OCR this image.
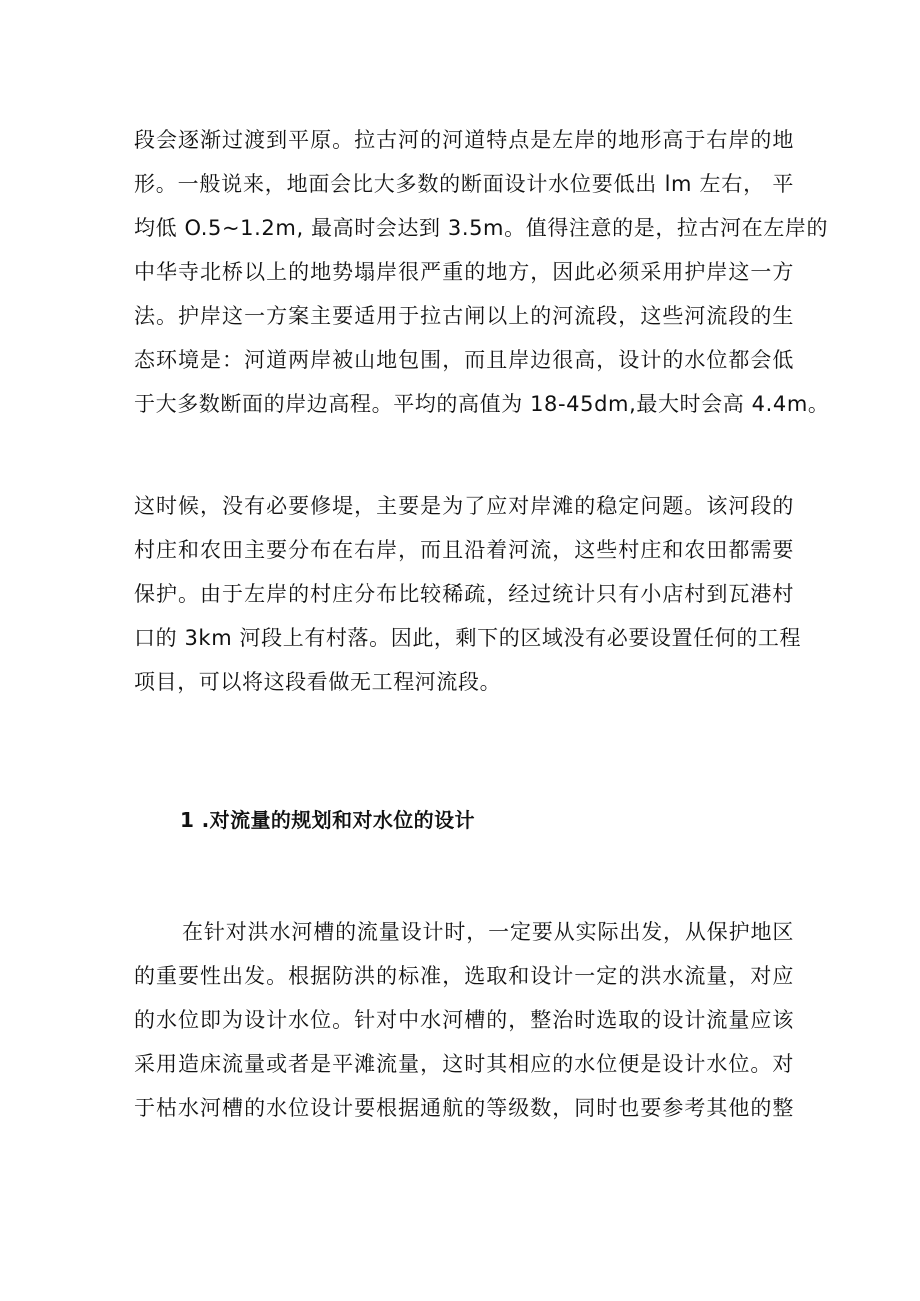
段会逐渐过渡到平原。拉古河的河道特点是左岸的地形高于右岸的地
形。一般说来，地面会比大多数的断面设计水位要低出 lm 左右， 平
均低 O.5~1.2m, 最高时会达到 3.5m。值得注意的是，拉古河在左岸的
中华寺北桥以上的地势塌岸很严重的地方，因此必须采用护岸这一方
法。护岸这一方案主要适用于拉古闸以上的河流段，这些河流段的生
态环境是：河道两岸被山地包围，而且岸边很高，设计的水位都会低
于大多数断面的岸边高程。平均的高值为 18-45dm,最大时会高 4.4m。
这时候，没有必要修堤，主要是为了应对岸滩的稳定问题。该河段的
村庄和农田主要分布在右岸，而且沿着河流，这些村庄和农田都需要
保护。由于左岸的村庄分布比较稀疏，经过统计只有小店村到瓦港村
口的 3km 河段上有村落。因此，剩下的区域没有必要设置任何的工程
项目，可以将这段看做无工程河流段。
1 .对流量的规划和对水位的设计
在针对洪水河槽的流量设计时，一定要从实际出发，从保护地区
的重要性出发。根据防洪的标准，选取和设计一定的洪水流量，对应
的水位即为设计水位。针对中水河槽的，整治时选取的设计流量应该
采用造床流量或者是平滩流量，这时其相应的水位便是设计水位。对
于枯水河槽的水位设计要根据通航的等级数，同时也要参考其他的整
